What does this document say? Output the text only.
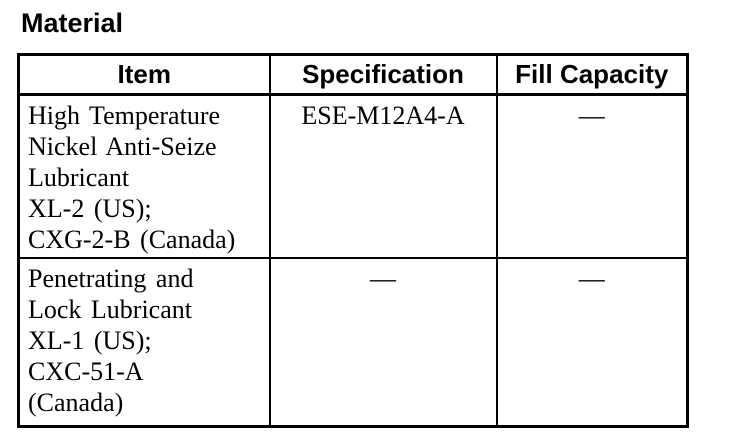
Material
Item	Specification	Fill Capacity

High Temperature
Nickel Anti-Seize
Lubricant
XL-2 (US);
CXG-2-B (Canada)	ESE-M12A4-A	—

Penetrating and
Lock Lubricant
XL-1 (US);
CXC-51-A
(Canada)	—	—
